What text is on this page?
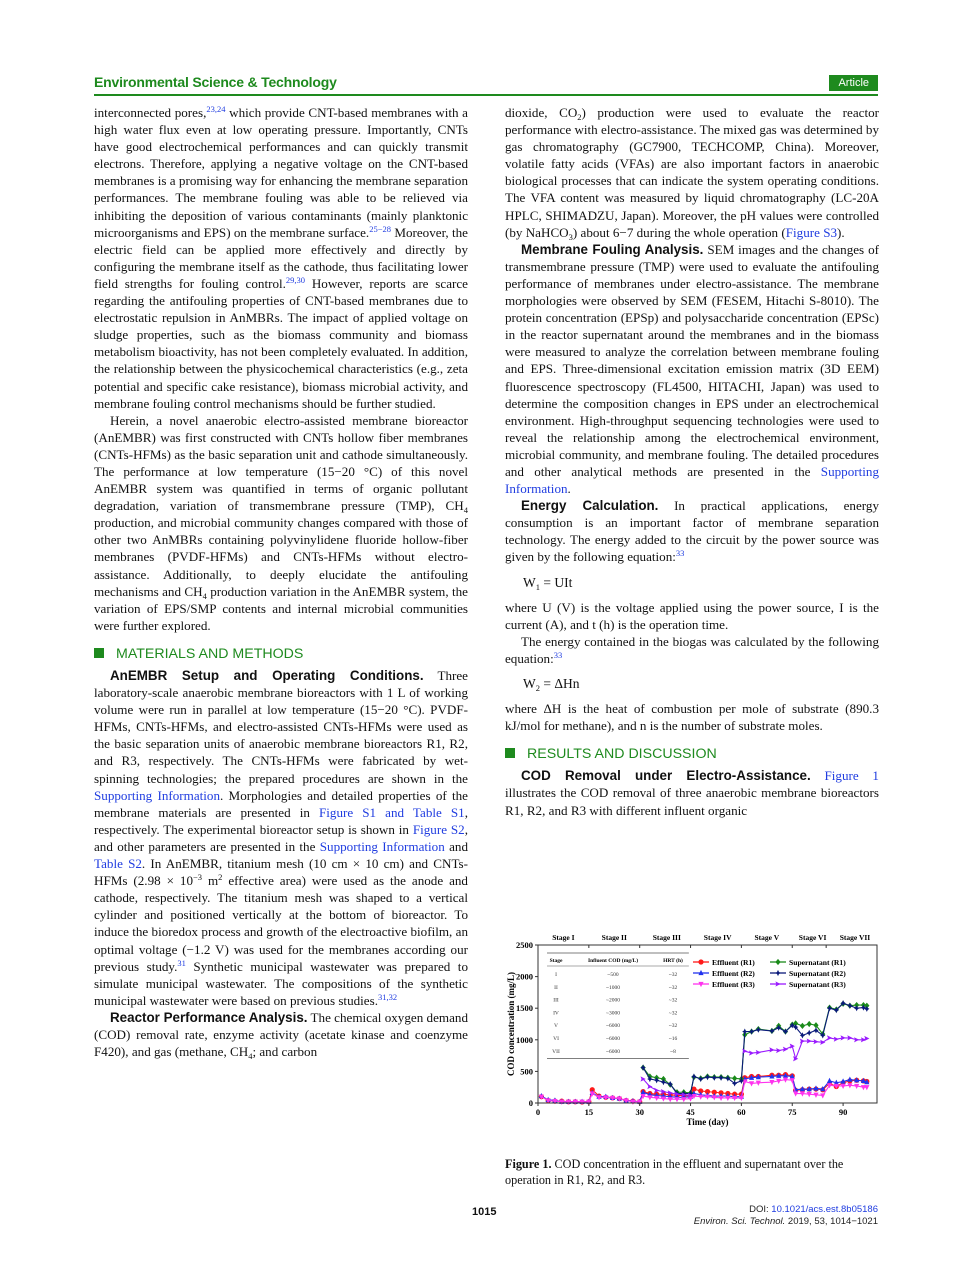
Environmental Science & Technology	Article

interconnected pores,$^{23,24}$ which provide CNT-based membranes with a high water flux even at low operating pressure. Importantly, CNTs have good electrochemical performances and can quickly transmit electrons. Therefore, applying a negative voltage on the CNT-based membranes is a promising way for enhancing the membrane separation performances. The membrane fouling was able to be relieved via inhibiting the deposition of various contaminants (mainly planktonic microorganisms and EPS) on the membrane surface.$^{25-28}$ Moreover, the electric field can be applied more effectively and directly by configuring the membrane itself as the cathode, thus facilitating lower field strengths for fouling control.$^{29,30}$ However, reports are scarce regarding the antifouling properties of CNT-based membranes due to electrostatic repulsion in AnMBRs. The impact of applied voltage on sludge properties, such as the biomass community and biomass metabolism bioactivity, has not been completely evaluated. In addition, the relationship between the physicochemical characteristics (e.g., zeta potential and specific cake resistance), biomass microbial activity, and membrane fouling control mechanisms should be further studied.

Herein, a novel anaerobic electro-assisted membrane bioreactor (AnEMBR) was first constructed with CNTs hollow fiber membranes (CNTs-HFMs) as the basic separation unit and cathode simultaneously. The performance at low temperature (15−20 °C) of this novel AnEMBR system was quantified in terms of organic pollutant degradation, variation of transmembrane pressure (TMP), $CH_4$ production, and microbial community changes compared with those of other two AnMBRs containing polyvinylidene fluoride hollow-fiber membranes (PVDF-HFMs) and CNTs-HFMs without electro-assistance. Additionally, to deeply elucidate the antifouling mechanisms and $CH_4$ production variation in the AnEMBR system, the variation of EPS/SMP contents and internal microbial communities were further explored.

MATERIALS AND METHODS

AnEMBR Setup and Operating Conditions. Three laboratory-scale anaerobic membrane bioreactors with 1 L of working volume were run in parallel at low temperature (15−20 °C). PVDF-HFMs, CNTs-HFMs, and electro-assisted CNTs-HFMs were used as the basic separation units of anaerobic membrane bioreactors R1, R2, and R3, respectively. The CNTs-HFMs were fabricated by wet-spinning technologies; the prepared procedures are shown in the Supporting Information. Morphologies and detailed properties of the membrane materials are presented in Figure S1 and Table S1, respectively. The experimental bioreactor setup is shown in Figure S2, and other parameters are presented in the Supporting Information and Table S2. In AnEMBR, titanium mesh (10 cm × 10 cm) and CNTs-HFMs ($2.98 \times 10^{-3}$ $m^2$ effective area) were used as the anode and cathode, respectively. The titanium mesh was shaped to a vertical cylinder and positioned vertically at the bottom of bioreactor. To induce the bioredox process and growth of the electroactive biofilm, an optimal voltage (−1.2 V) was used for the membranes according our previous study.$^{31}$ Synthetic municipal wastewater was prepared to simulate municipal wastewater. The compositions of the synthetic municipal wastewater were based on previous studies.$^{31,32}$

Reactor Performance Analysis. The chemical oxygen demand (COD) removal rate, enzyme activity (acetate kinase and coenzyme F420), and gas (methane, $CH_4$; and carbon

dioxide, $CO_2$) production were used to evaluate the reactor performance with electro-assistance. The mixed gas was determined by gas chromatography (GC7900, TECHCOMP, China). Moreover, volatile fatty acids (VFAs) are also important factors in anaerobic biological processes that can indicate the system operating conditions. The VFA content was measured by liquid chromatography (LC-20A HPLC, SHIMADZU, Japan). Moreover, the pH values were controlled (by NaHCO$_3$) about 6−7 during the whole operation (Figure S3).

Membrane Fouling Analysis. SEM images and the changes of transmembrane pressure (TMP) were used to evaluate the antifouling performance of membranes under electro-assistance. The membrane morphologies were observed by SEM (FESEM, Hitachi S-8010). The protein concentration (EPSp) and polysaccharide concentration (EPSc) in the reactor supernatant around the membranes and in the biomass were measured to analyze the correlation between membrane fouling and EPS. Three-dimensional excitation emission matrix (3D EEM) fluorescence spectroscopy (FL4500, HITACHI, Japan) was used to determine the composition changes in EPS under an electrochemical environment. High-throughput sequencing technologies were used to reveal the relationship among the electrochemical environment, microbial community, and membrane fouling. The detailed procedures and other analytical methods are presented in the Supporting Information.

Energy Calculation. In practical applications, energy consumption is an important factor of membrane separation technology. The energy added to the circuit by the power source was given by the following equation:$^{33}$

$W_1$ = UIt

where U (V) is the voltage applied using the power source, I is the current (A), and t (h) is the operation time.

The energy contained in the biogas was calculated by the following equation:$^{33}$

$W_2 = \Delta Hn$

where ΔH is the heat of combustion per mole of substrate (890.3 kJ/mol for methane), and n is the number of substrate moles.

RESULTS AND DISCUSSION

COD Removal under Electro-Assistance. Figure 1 illustrates the COD removal of three anaerobic membrane bioreactors R1, R2, and R3 with different influent organic

Stage	Influent COD (mg/L)	HRT (h)
I	~500	~32
II	~1000	~32
III	~2000	~32
IV	~3000	~32
V	~6000	~32
VI	~6000	~16
VII	~6000	~8
Effluent (R1)
Effluent (R2)
Effluent (R3)
Supernatant (R1)
Supernatant (R2)
Supernatant (R3)
0
500
1000
1500
2000
2500
0	15	30	45	60	75	90
Time (day)
COD concentration (mg/L)
Stage I	Stage II	Stage III	Stage IV	Stage V	Stage VI Stage VII
Figure 1. COD concentration in the effluent and supernatant over the operation in R1, R2, and R3.
1015	DOI: 10.1021/acs.est.8b05186
Environ. Sci. Technol. 2019, 53, 1014−1021
